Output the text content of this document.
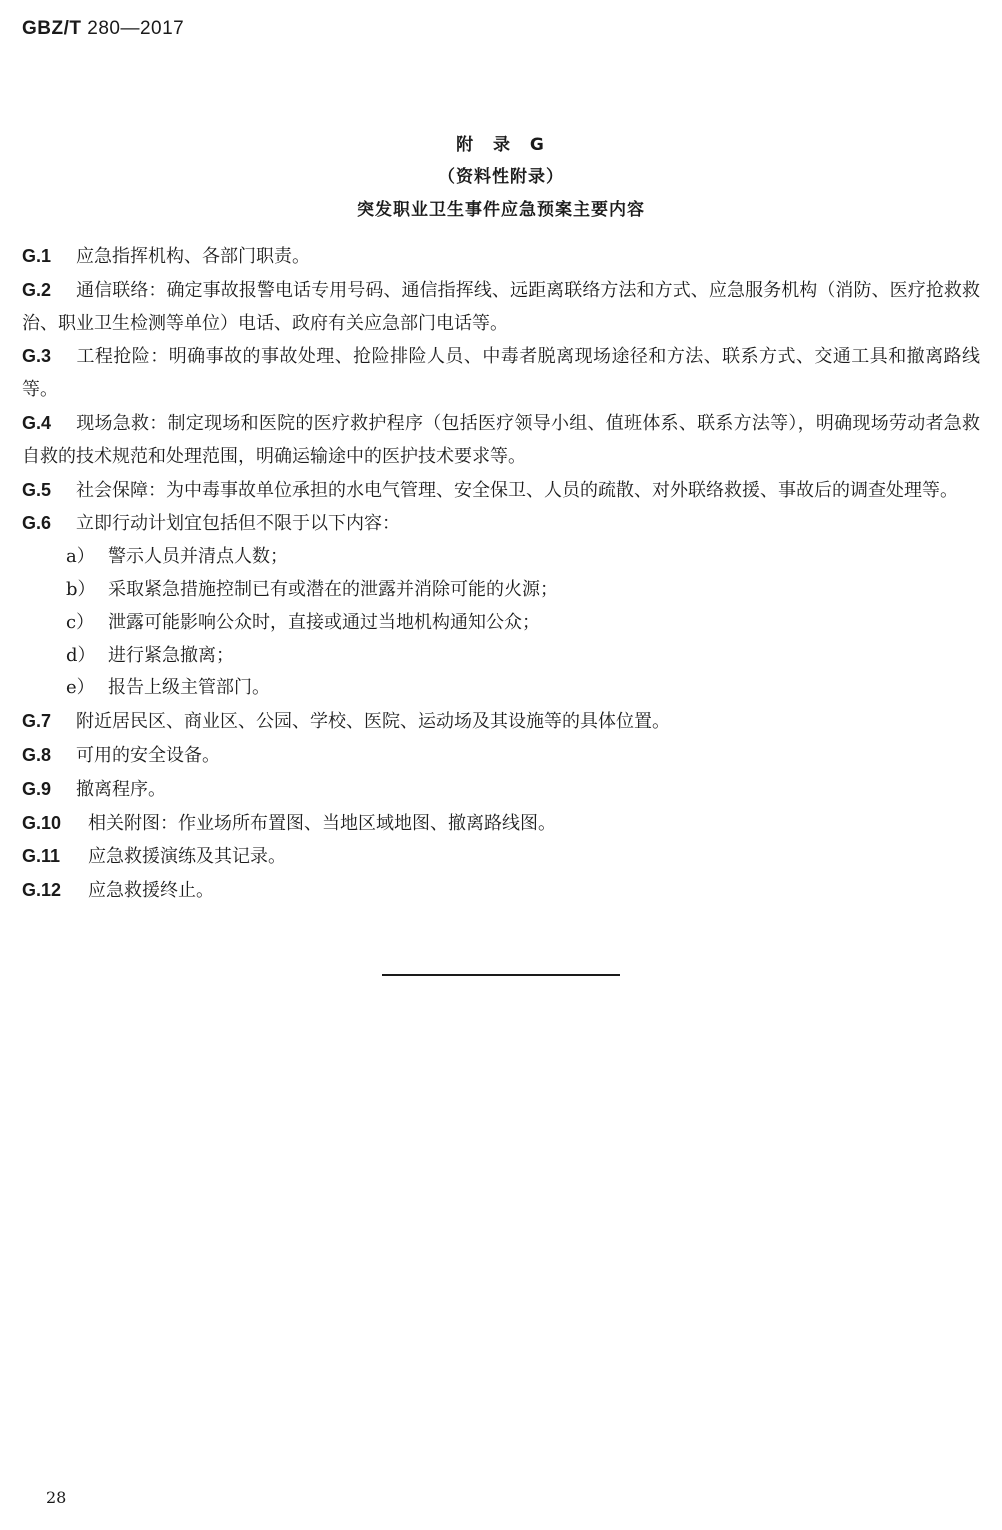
GBZ/T 280—2017
附 录 G
（资料性附录）
突发职业卫生事件应急预案主要内容

G.1 应急指挥机构、各部门职责。

G.2 通信联络：确定事故报警电话专用号码、通信指挥线、远距离联络方法和方式、应急服务机构（消防、医疗抢救救治、职业卫生检测等单位）电话、政府有关应急部门电话等。

G.3 工程抢险：明确事故的事故处理、抢险排险人员、中毒者脱离现场途径和方法、联系方式、交通工具和撤离路线等。

G.4 现场急救：制定现场和医院的医疗救护程序（包括医疗领导小组、值班体系、联系方法等），明确现场劳动者急救自救的技术规范和处理范围，明确运输途中的医护技术要求等。

G.5 社会保障：为中毒事故单位承担的水电气管理、安全保卫、人员的疏散、对外联络救援、事故后的调查处理等。

G.6 立即行动计划宜包括但不限于以下内容：

a） 警示人员并清点人数；

b） 采取紧急措施控制已有或潜在的泄露并消除可能的火源；

c） 泄露可能影响公众时，直接或通过当地机构通知公众；

d） 进行紧急撤离；

e） 报告上级主管部门。

G.7 附近居民区、商业区、公园、学校、医院、运动场及其设施等的具体位置。

G.8 可用的安全设备。

G.9 撤离程序。

G.10 相关附图：作业场所布置图、当地区域地图、撤离路线图。

G.11 应急救援演练及其记录。

G.12 应急救援终止。

28
